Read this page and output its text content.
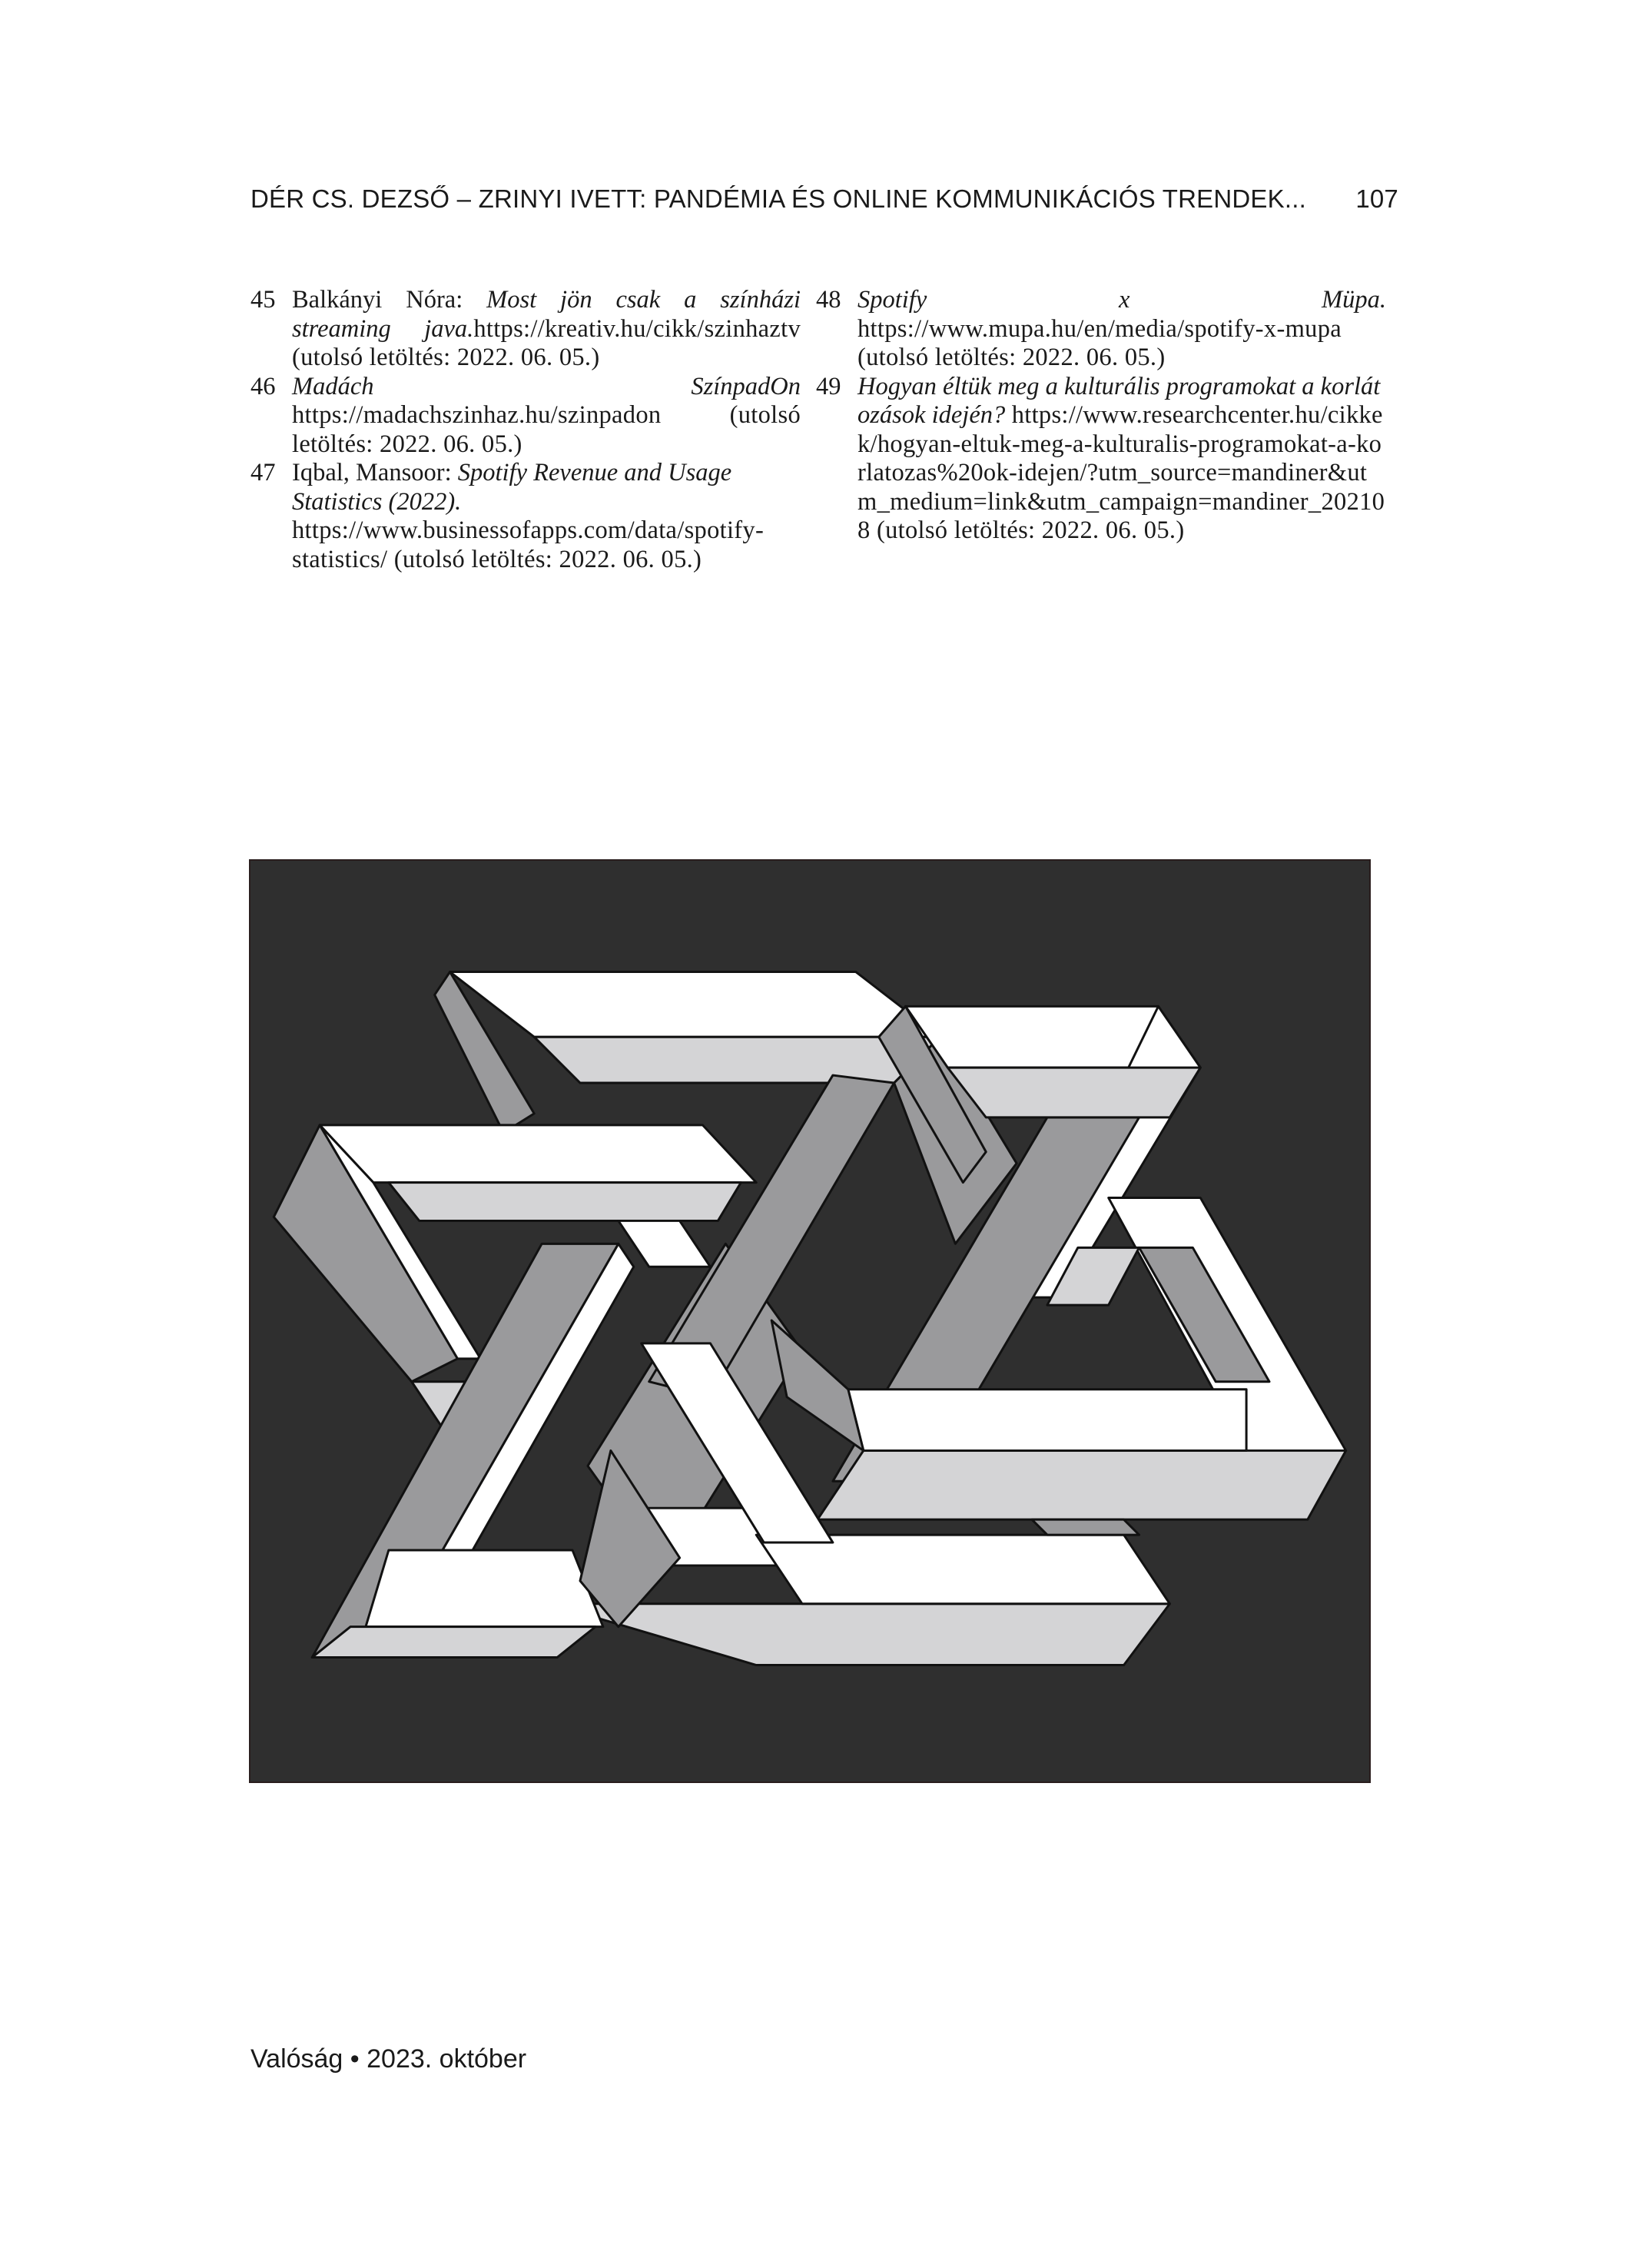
DÉR CS. DEZSŐ – ZRINYI IVETT: PANDÉMIA ÉS ONLINE KOMMUNIKÁCIÓS TRENDEK... 107
45 Balkányi Nóra: Most jön csak a színházi streaming java.https://kreativ.hu/cikk/szinhaztv (utolsó letöltés: 2022. 06. 05.)
46 Madách SzínpadOn https://madachszinhaz.hu/szinpadon (utolsó letöltés: 2022. 06. 05.)
47 Iqbal, Mansoor: Spotify Revenue and Usage Statistics (2022). https://www.businessofapps.com/data/spotify-statistics/ (utolsó letöltés: 2022. 06. 05.)
48 Spotify x Müpa. https://www.mupa.hu/en/media/spotify-x-mupa (utolsó letöltés: 2022. 06. 05.)
49 Hogyan éltük meg a kulturális programokat a korlátozások idején? https://www.researchcenter.hu/cikkek/hogyan-eltuk-meg-a-kulturalis-programokat-a-korlatozas%20ok-idejen/?utm_source=mandiner&utm_medium=link&utm_campaign=mandiner_202108 (utolsó letöltés: 2022. 06. 05.)
Valóság • 2023. október
